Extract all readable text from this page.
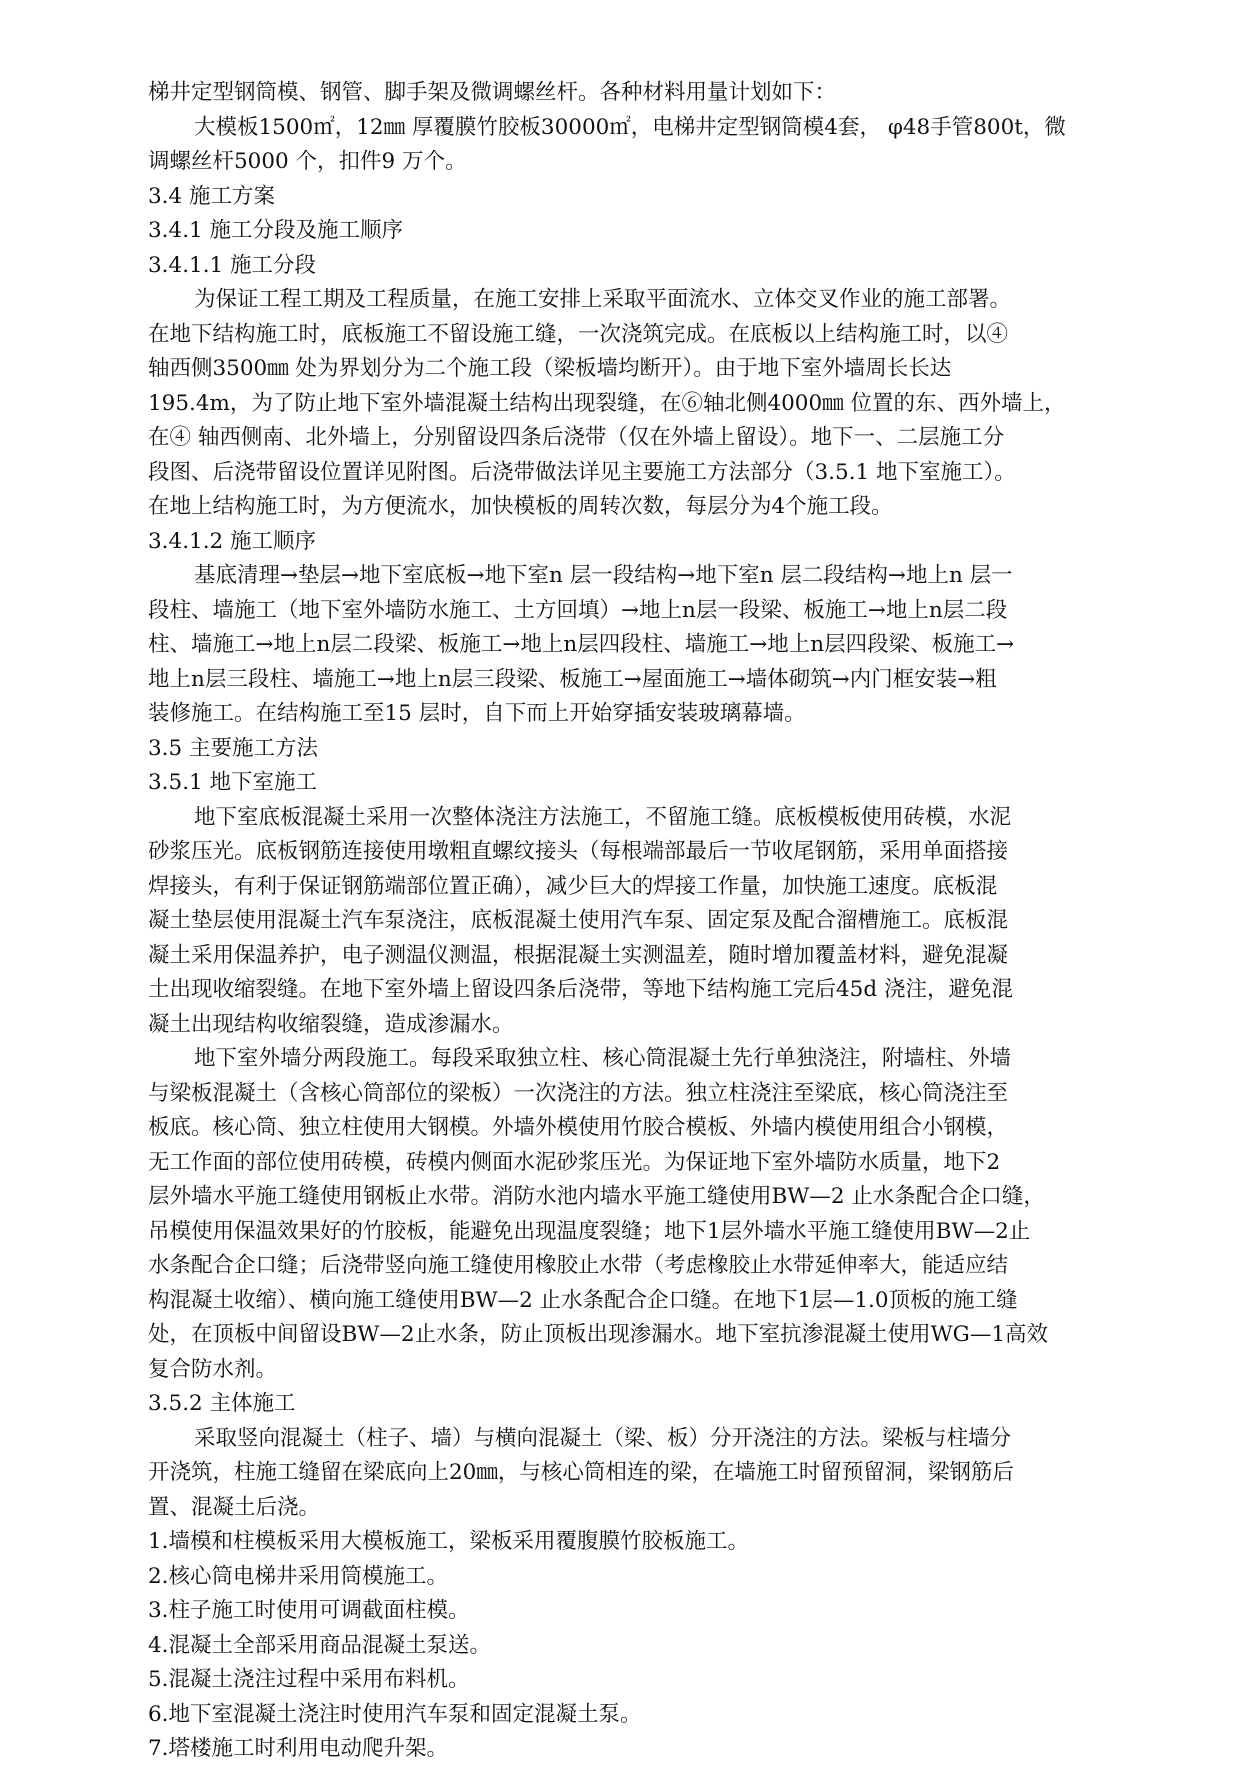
梯井定型钢筒模、钢管、脚手架及微调螺丝杆。各种材料用量计划如下：
大模板1500㎡，12㎜ 厚覆膜竹胶板30000㎡，电梯井定型钢筒模4套， φ48手管800t，微
调螺丝杆5000 个，扣件9 万个。
3.4 施工方案
3.4.1 施工分段及施工顺序
3.4.1.1 施工分段
为保证工程工期及工程质量，在施工安排上采取平面流水、立体交叉作业的施工部署。
在地下结构施工时，底板施工不留设施工缝，一次浇筑完成。在底板以上结构施工时，以④
轴西侧3500㎜ 处为界划分为二个施工段（梁板墙均断开）。由于地下室外墙周长长达
195.4m，为了防止地下室外墙混凝土结构出现裂缝，在⑥轴北侧4000㎜ 位置的东、西外墙上，
在④ 轴西侧南、北外墙上，分别留设四条后浇带（仅在外墙上留设）。地下一、二层施工分
段图、后浇带留设位置详见附图。后浇带做法详见主要施工方法部分（3.5.1 地下室施工）。
在地上结构施工时，为方便流水，加快模板的周转次数，每层分为4个施工段。
3.4.1.2 施工顺序
基底清理→垫层→地下室底板→地下室n 层一段结构→地下室n 层二段结构→地上n 层一
段柱、墙施工（地下室外墙防水施工、土方回填）→地上n层一段梁、板施工→地上n层二段
柱、墙施工→地上n层二段梁、板施工→地上n层四段柱、墙施工→地上n层四段梁、板施工→
地上n层三段柱、墙施工→地上n层三段梁、板施工→屋面施工→墙体砌筑→内门框安装→粗
装修施工。在结构施工至15 层时，自下而上开始穿插安装玻璃幕墙。
3.5 主要施工方法
3.5.1 地下室施工
地下室底板混凝土采用一次整体浇注方法施工，不留施工缝。底板模板使用砖模，水泥
砂浆压光。底板钢筋连接使用墩粗直螺纹接头（每根端部最后一节收尾钢筋，采用单面搭接
焊接头，有利于保证钢筋端部位置正确），减少巨大的焊接工作量，加快施工速度。底板混
凝土垫层使用混凝土汽车泵浇注，底板混凝土使用汽车泵、固定泵及配合溜槽施工。底板混
凝土采用保温养护，电子测温仪测温，根据混凝土实测温差，随时增加覆盖材料，避免混凝
土出现收缩裂缝。在地下室外墙上留设四条后浇带，等地下结构施工完后45d 浇注，避免混
凝土出现结构收缩裂缝，造成渗漏水。
地下室外墙分两段施工。每段采取独立柱、核心筒混凝土先行单独浇注，附墙柱、外墙
与梁板混凝土（含核心筒部位的梁板）一次浇注的方法。独立柱浇注至梁底，核心筒浇注至
板底。核心筒、独立柱使用大钢模。外墙外模使用竹胶合模板、外墙内模使用组合小钢模，
无工作面的部位使用砖模，砖模内侧面水泥砂浆压光。为保证地下室外墙防水质量，地下2
层外墙水平施工缝使用钢板止水带。消防水池内墙水平施工缝使用BW—2 止水条配合企口缝，
吊模使用保温效果好的竹胶板，能避免出现温度裂缝；地下1层外墙水平施工缝使用BW—2止
水条配合企口缝；后浇带竖向施工缝使用橡胶止水带（考虑橡胶止水带延伸率大，能适应结
构混凝土收缩）、横向施工缝使用BW—2 止水条配合企口缝。在地下1层—1.0顶板的施工缝
处，在顶板中间留设BW—2止水条，防止顶板出现渗漏水。地下室抗渗混凝土使用WG—1高效
复合防水剂。
3.5.2 主体施工
采取竖向混凝土（柱子、墙）与横向混凝土（梁、板）分开浇注的方法。梁板与柱墙分
开浇筑，柱施工缝留在梁底向上20㎜，与核心筒相连的梁，在墙施工时留预留洞，梁钢筋后
置、混凝土后浇。
1.墙模和柱模板采用大模板施工，梁板采用覆腹膜竹胶板施工。
2.核心筒电梯井采用筒模施工。
3.柱子施工时使用可调截面柱模。
4.混凝土全部采用商品混凝土泵送。
5.混凝土浇注过程中采用布料机。
6.地下室混凝土浇注时使用汽车泵和固定混凝土泵。
7.塔楼施工时利用电动爬升架。
